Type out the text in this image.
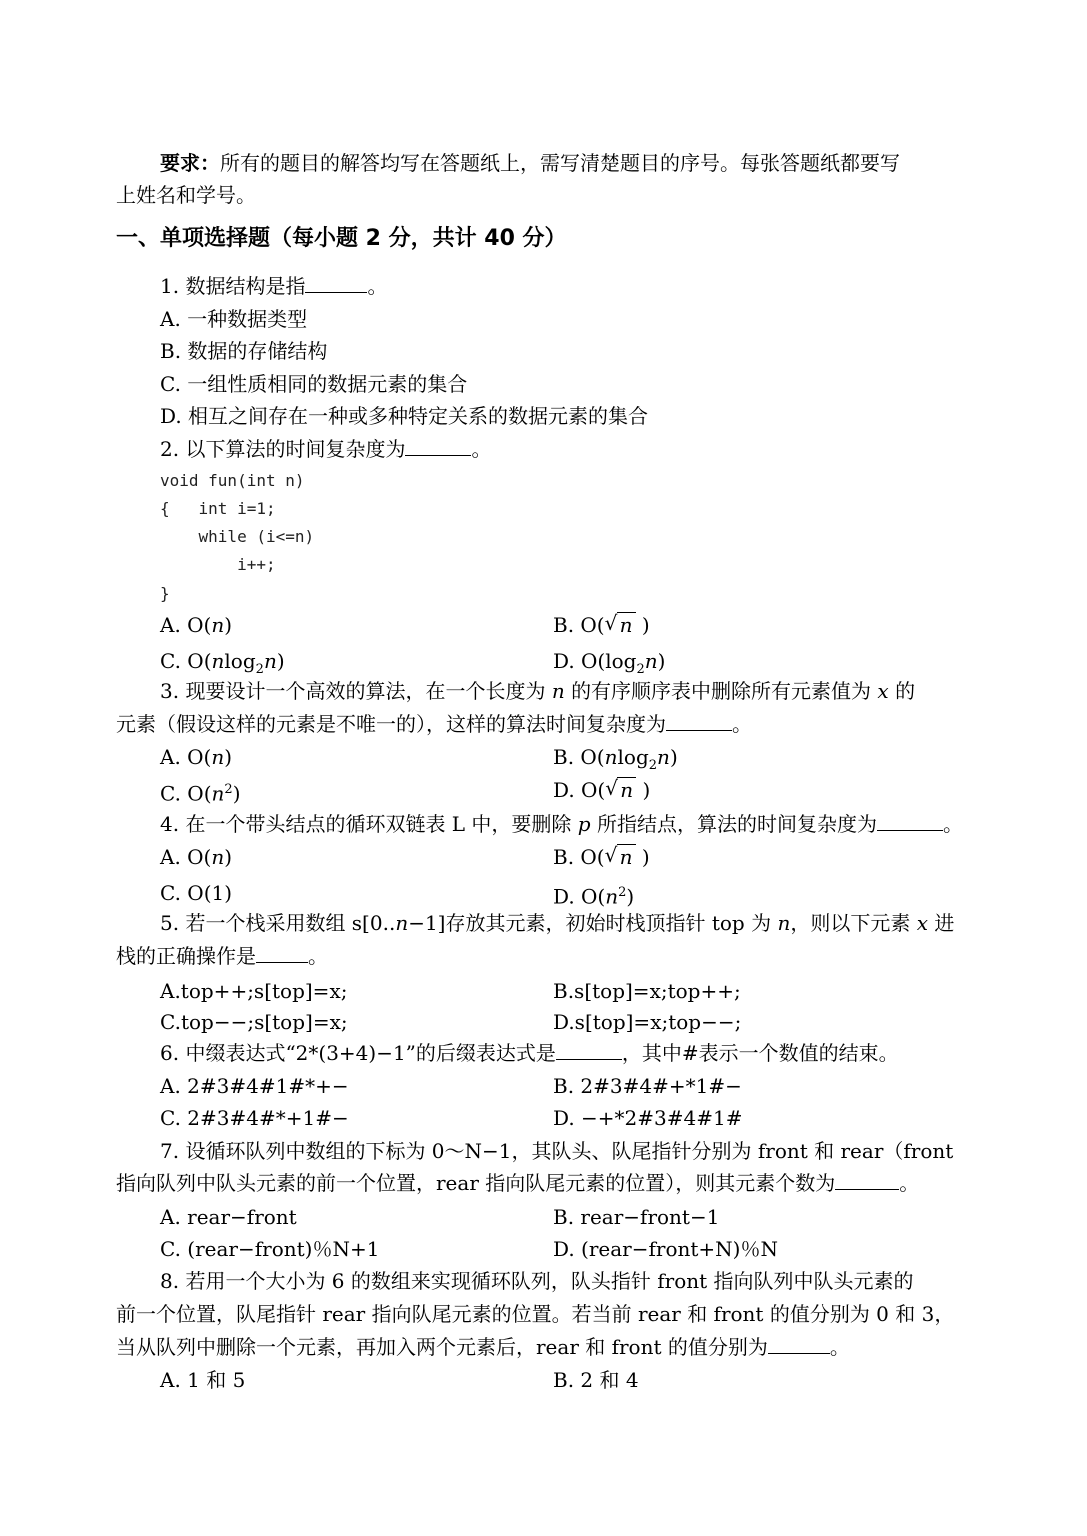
要求：所有的题目的解答均写在答题纸上，需写清楚题目的序号。每张答题纸都要写
上姓名和学号。
一、单项选择题（每小题 2 分，共计 40 分）
1. 数据结构是指	。
A. 一种数据类型
B. 数据的存储结构
C. 一组性质相同的数据元素的集合
D. 相互之间存在一种或多种特定关系的数据元素的集合
2. 以下算法的时间复杂度为	。
void fun(int n)
{   int i=1;
while (i<=n)
i++;
}
A. O(n)	B. O( √ n )
C. O(nlog$_2$n)	D. $O(\log_2n)$
3. 现要设计一个高效的算法，在一个长度为 n 的有序顺序表中删除所有元素值为 x 的
元素（假设这样的元素是不唯一的），这样的算法时间复杂度为	。
A. O(n)	B. O(nlog$_2$n)
C. $O(n^2)$	D. O( √ n )
4. 在一个带头结点的循环双链表 L 中，要删除 p 所指结点，算法的时间复杂度为	。
A. O(n)	B. O( √ n )
C. O(1)	D. $O(n^2)$
5. 若一个栈采用数组 s[0..n−1]存放其元素，初始时栈顶指针 top 为 n，则以下元素 x 进
栈的正确操作是	。
A.top++;s[top]=x;	B.s[top]=x;top++;
C.top−−;s[top]=x;	D.s[top]=x;top−−;
6. 中缀表达式“2*(3+4)−1”的后缀表达式是	，其中#表示一个数值的结束。
A. 2#3#4#1#*+−	B. 2#3#4#+*1#−
C. 2#3#4#*+1#−	D. −+*2#3#4#1#
7. 设循环队列中数组的下标为 0～N−1，其队头、队尾指针分别为 front 和 rear（front
指向队列中队头元素的前一个位置，rear 指向队尾元素的位置），则其元素个数为	。
A. rear−front	B. rear−front−1
C. (rear−front)％N+1	D. (rear−front+N)％N
8. 若用一个大小为 6 的数组来实现循环队列，队头指针 front 指向队列中队头元素的
前一个位置，队尾指针 rear 指向队尾元素的位置。若当前 rear 和 front 的值分别为 0 和 3，
当从队列中删除一个元素，再加入两个元素后，rear 和 front 的值分别为	。
A. 1 和 5	B. 2 和 4
